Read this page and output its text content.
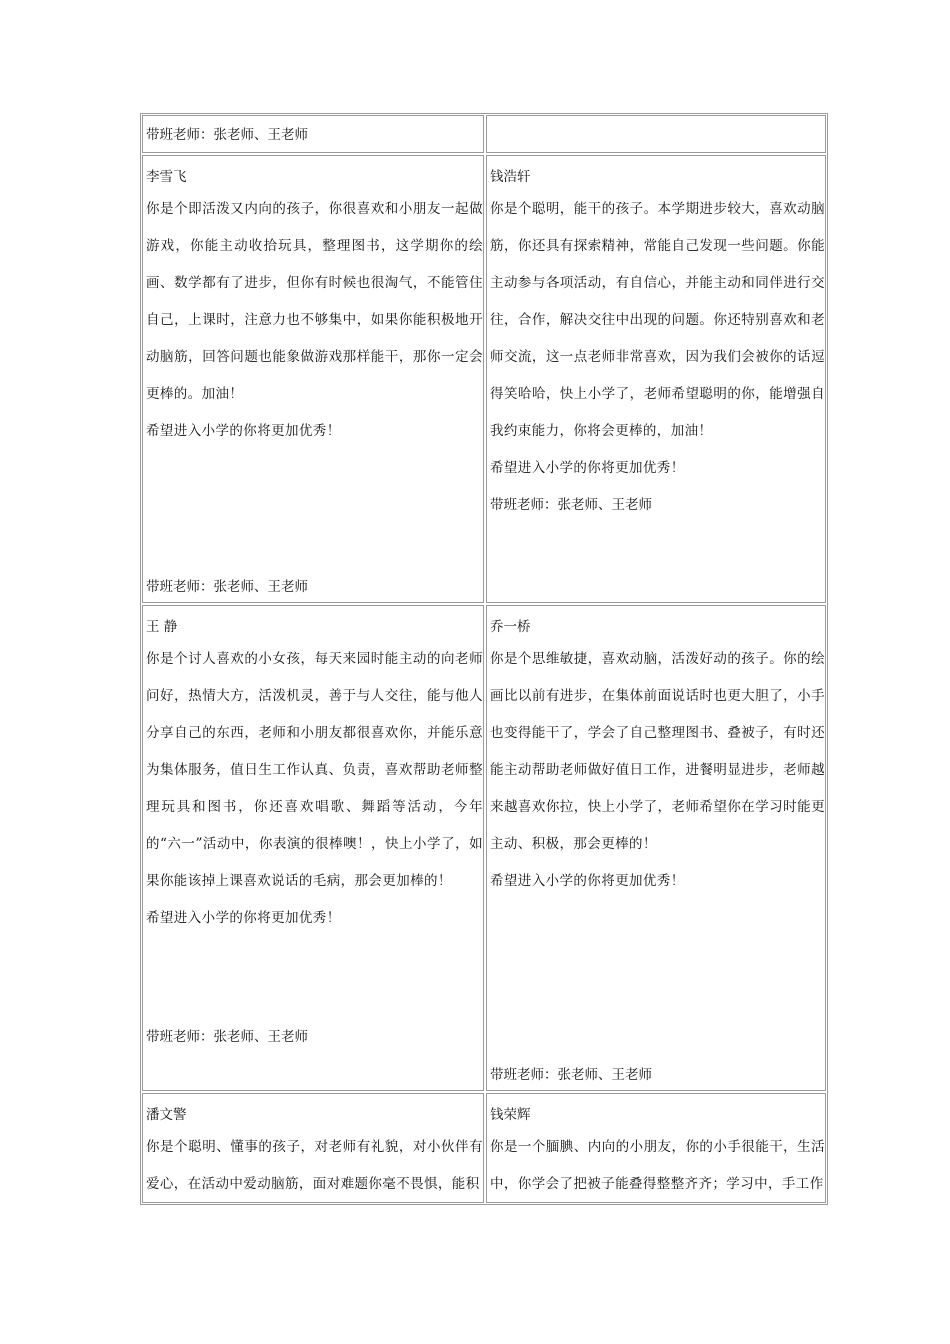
带班老师：张老师、王老师
李雪飞
你是个即活泼又内向的孩子，你很喜欢和小朋友一起做游戏，你能主动收拾玩具，整理图书，这学期你的绘画、数学都有了进步，但你有时候也很淘气，不能管住自己，上课时，注意力也不够集中，如果你能积极地开动脑筋，回答问题也能象做游戏那样能干，那你一定会更棒的。加油！
希望进入小学的你将更加优秀！
带班老师：张老师、王老师
钱浩轩
你是个聪明，能干的孩子。本学期进步较大，喜欢动脑筋，你还具有探索精神，常能自己发现一些问题。你能主动参与各项活动，有自信心，并能主动和同伴进行交往，合作，解决交往中出现的问题。你还特别喜欢和老师交流，这一点老师非常喜欢，因为我们会被你的话逗得笑哈哈，快上小学了，老师希望聪明的你，能增强自我约束能力，你将会更棒的，加油！
希望进入小学的你将更加优秀！
带班老师：张老师、王老师
王 静
你是个讨人喜欢的小女孩，每天来园时能主动的向老师问好，热情大方，活泼机灵，善于与人交往，能与他人分享自己的东西，老师和小朋友都很喜欢你，并能乐意为集体服务，值日生工作认真、负责，喜欢帮助老师整理玩具和图书，你还喜欢唱歌、舞蹈等活动，今年的“六一”活动中，你表演的很棒噢！，快上小学了，如果你能该掉上课喜欢说话的毛病，那会更加棒的！
希望进入小学的你将更加优秀！
带班老师：张老师、王老师
乔一桥
你是个思维敏捷，喜欢动脑，活泼好动的孩子。你的绘画比以前有进步，在集体前面说话时也更大胆了，小手也变得能干了，学会了自己整理图书、叠被子，有时还能主动帮助老师做好值日工作，进餐明显进步，老师越来越喜欢你拉，快上小学了，老师希望你在学习时能更主动、积极，那会更棒的！
希望进入小学的你将更加优秀！
带班老师：张老师、王老师
潘文警
你是个聪明、懂事的孩子，对老师有礼貌，对小伙伴有爱心，在活动中爱动脑筋，面对难题你毫不畏惧，能积
钱荣辉
你是一个腼腆、内向的小朋友，你的小手很能干，生活中，你学会了把被子能叠得整整齐齐；学习中，手工作
